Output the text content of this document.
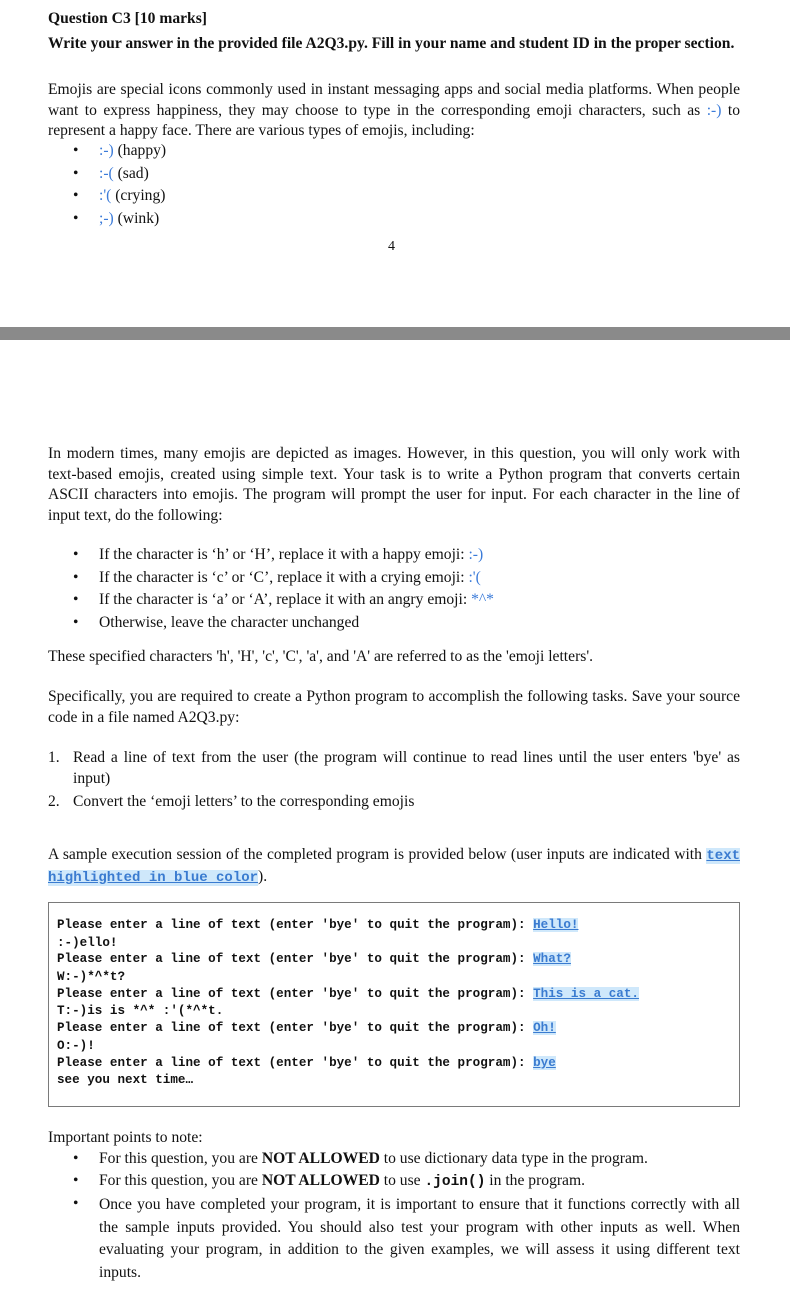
Question C3 [10 marks]
Write your answer in the provided file A2Q3.py. Fill in your name and student ID in the proper section.
Emojis are special icons commonly used in instant messaging apps and social media platforms. When people want to express happiness, they may choose to type in the corresponding emoji characters, such as :-) to represent a happy face. There are various types of emojis, including:
• :-) (happy)
• :-( (sad)
• :'( (crying)
• ;-) (wink)
4
In modern times, many emojis are depicted as images. However, in this question, you will only work with text-based emojis, created using simple text. Your task is to write a Python program that converts certain ASCII characters into emojis. The program will prompt the user for input. For each character in the line of input text, do the following:
• If the character is ‘h’ or ‘H’, replace it with a happy emoji: :-)
• If the character is ‘c’ or ‘C’, replace it with a crying emoji: :'(
• If the character is ‘a’ or ‘A’, replace it with an angry emoji: *^*
• Otherwise, leave the character unchanged
These specified characters 'h', 'H', 'c', 'C', 'a', and 'A' are referred to as the 'emoji letters'.
Specifically, you are required to create a Python program to accomplish the following tasks. Save your source code in a file named A2Q3.py:
1. Read a line of text from the user (the program will continue to read lines until the user enters 'bye' as input)
2. Convert the ‘emoji letters’ to the corresponding emojis
A sample execution session of the completed program is provided below (user inputs are indicated with text highlighted in blue color).
Please enter a line of text (enter 'bye' to quit the program): Hello!
:-)ello!
Please enter a line of text (enter 'bye' to quit the program): What?
W:-)*^*t?
Please enter a line of text (enter 'bye' to quit the program): This is a cat.
T:-)is is *^* :'(*^*t.
Please enter a line of text (enter 'bye' to quit the program): Oh!
O:-)!
Please enter a line of text (enter 'bye' to quit the program): bye
see you next time…
Important points to note:
• For this question, you are NOT ALLOWED to use dictionary data type in the program.
• For this question, you are NOT ALLOWED to use .join() in the program.
• Once you have completed your program, it is important to ensure that it functions correctly with all the sample inputs provided. You should also test your program with other inputs as well. When evaluating your program, in addition to the given examples, we will assess it using different text inputs.
